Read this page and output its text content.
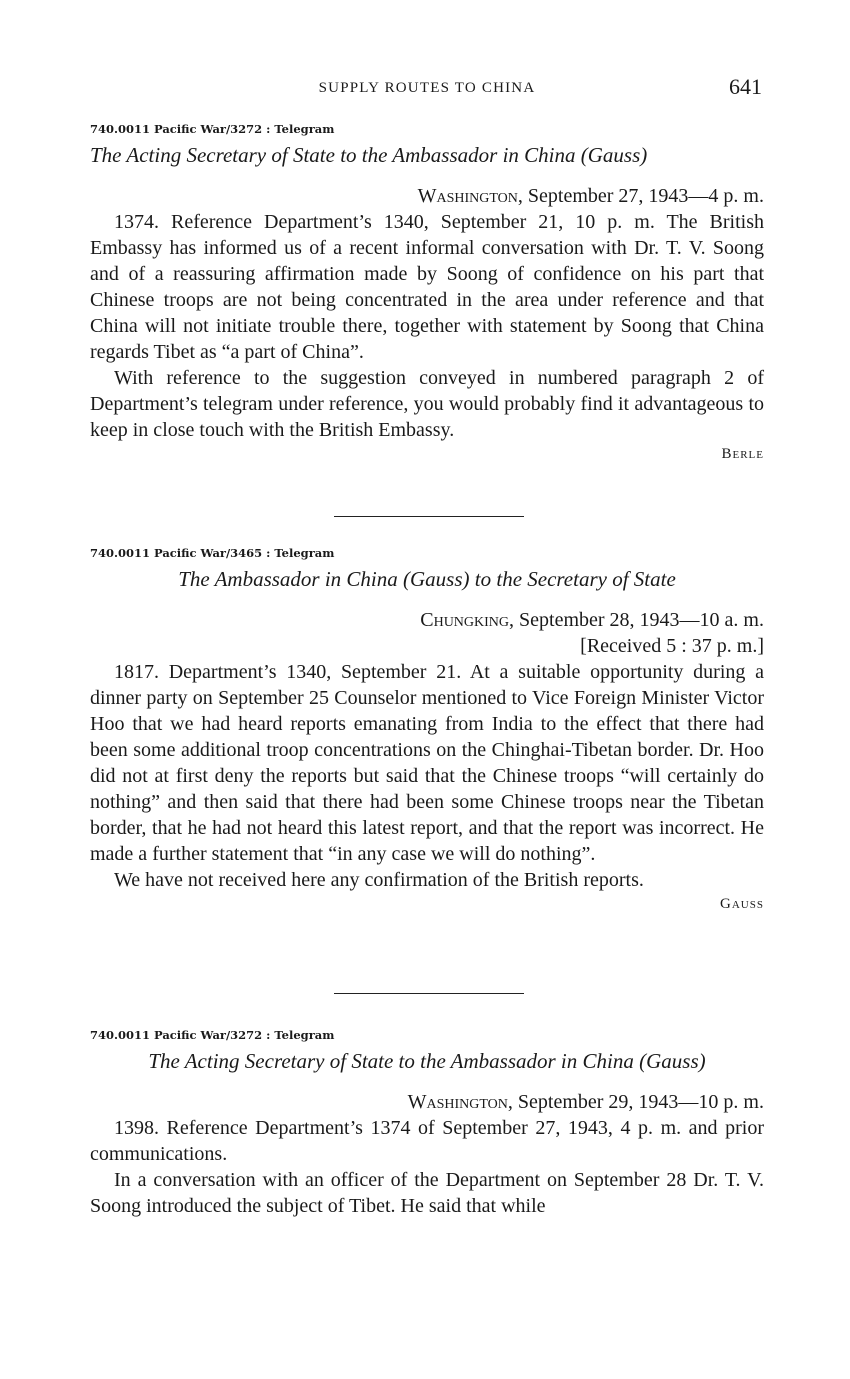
SUPPLY ROUTES TO CHINA	641

740.0011 Pacific War/3272 : Telegram

The Acting Secretary of State to the Ambassador in China (Gauss)

Washington, September 27, 1943—4 p. m.

1374. Reference Department’s 1340, September 21, 10 p. m. The British Embassy has informed us of a recent informal conversation with Dr. T. V. Soong and of a reassuring affirmation made by Soong of confidence on his part that Chinese troops are not being concentrated in the area under reference and that China will not initiate trouble there, together with statement by Soong that China regards Tibet as “a part of China”.

With reference to the suggestion conveyed in numbered paragraph 2 of Department’s telegram under reference, you would probably find it advantageous to keep in close touch with the British Embassy.

Berle

740.0011 Pacific War/3465 : Telegram

The Ambassador in China (Gauss) to the Secretary of State

Chungking, September 28, 1943—10 a. m.

[Received 5 : 37 p. m.]

1817. Department’s 1340, September 21. At a suitable opportunity during a dinner party on September 25 Counselor mentioned to Vice Foreign Minister Victor Hoo that we had heard reports emanating from India to the effect that there had been some additional troop concentrations on the Chinghai-Tibetan border. Dr. Hoo did not at first deny the reports but said that the Chinese troops “will certainly do nothing” and then said that there had been some Chinese troops near the Tibetan border, that he had not heard this latest report, and that the report was incorrect. He made a further statement that “in any case we will do nothing”.

We have not received here any confirmation of the British reports.

Gauss

740.0011 Pacific War/3272 : Telegram

The Acting Secretary of State to the Ambassador in China (Gauss)

Washington, September 29, 1943—10 p. m.

1398. Reference Department’s 1374 of September 27, 1943, 4 p. m. and prior communications.

In a conversation with an officer of the Department on September 28 Dr. T. V. Soong introduced the subject of Tibet. He said that while
